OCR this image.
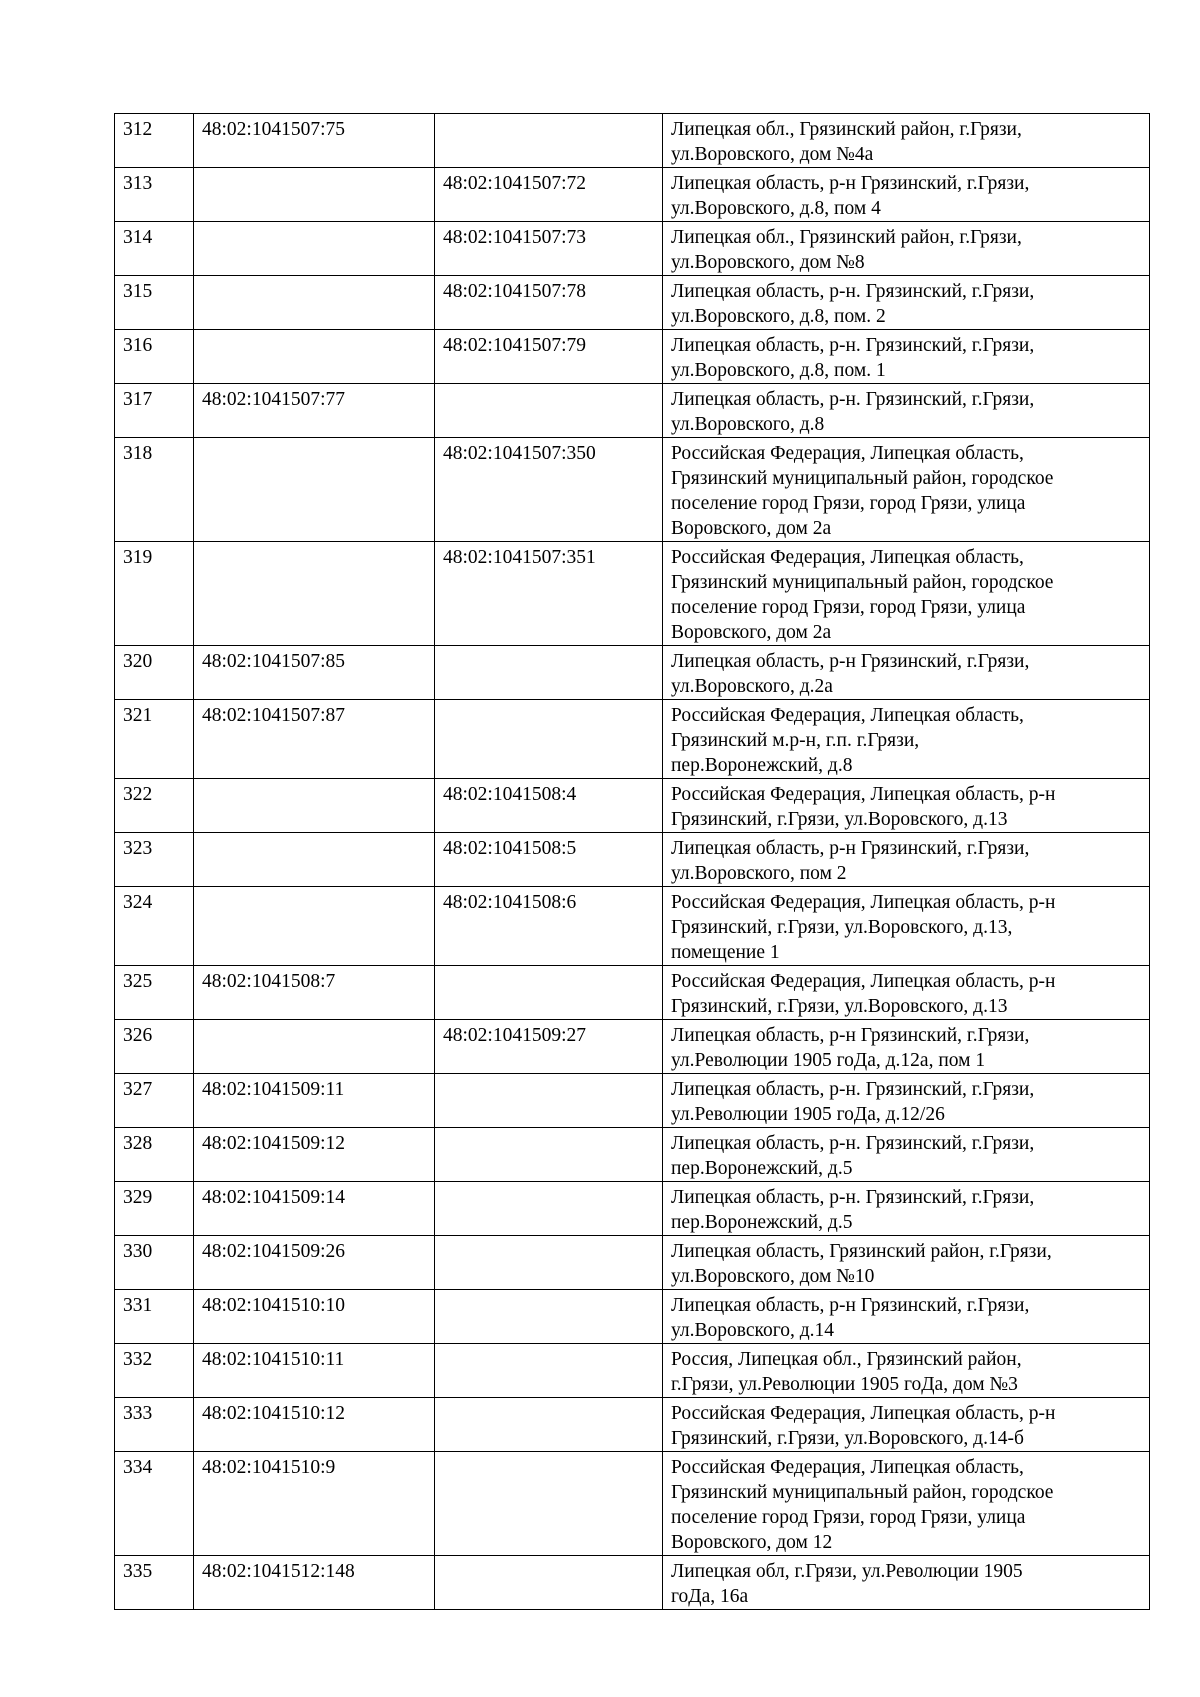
312	48:02:1041507:75		Липецкая обл., Грязинский район, г.Грязи,
ул.Воровского, дом №4а
313		48:02:1041507:72	Липецкая область, р-н Грязинский, г.Грязи,
ул.Воровского, д.8, пом 4
314		48:02:1041507:73	Липецкая обл., Грязинский район, г.Грязи,
ул.Воровского, дом №8
315		48:02:1041507:78	Липецкая область, р-н. Грязинский, г.Грязи,
ул.Воровского, д.8, пом. 2
316		48:02:1041507:79	Липецкая область, р-н. Грязинский, г.Грязи,
ул.Воровского, д.8, пом. 1
317	48:02:1041507:77		Липецкая область, р-н. Грязинский, г.Грязи,
ул.Воровского, д.8
318		48:02:1041507:350	Российская Федерация, Липецкая область,
Грязинский муниципальный район, городское
поселение город Грязи, город Грязи, улица
Воровского, дом 2а
319		48:02:1041507:351	Российская Федерация, Липецкая область,
Грязинский муниципальный район, городское
поселение город Грязи, город Грязи, улица
Воровского, дом 2а
320	48:02:1041507:85		Липецкая область, р-н Грязинский, г.Грязи,
ул.Воровского, д.2а
321	48:02:1041507:87		Российская Федерация, Липецкая область,
Грязинский м.р-н, г.п. г.Грязи,
пер.Воронежский, д.8
322		48:02:1041508:4	Российская Федерация, Липецкая область, р-н
Грязинский, г.Грязи, ул.Воровского, д.13
323		48:02:1041508:5	Липецкая область, р-н Грязинский, г.Грязи,
ул.Воровского, пом 2
324		48:02:1041508:6	Российская Федерация, Липецкая область, р-н
Грязинский, г.Грязи, ул.Воровского, д.13,
помещение 1
325	48:02:1041508:7		Российская Федерация, Липецкая область, р-н
Грязинский, г.Грязи, ул.Воровского, д.13
326		48:02:1041509:27	Липецкая область, р-н Грязинский, г.Грязи,
ул.Революции 1905 гоДа, д.12а, пом 1
327	48:02:1041509:11		Липецкая область, р-н. Грязинский, г.Грязи,
ул.Революции 1905 гоДа, д.12/26
328	48:02:1041509:12		Липецкая область, р-н. Грязинский, г.Грязи,
пер.Воронежский, д.5
329	48:02:1041509:14		Липецкая область, р-н. Грязинский, г.Грязи,
пер.Воронежский, д.5
330	48:02:1041509:26		Липецкая область, Грязинский район, г.Грязи,
ул.Воровского, дом №10
331	48:02:1041510:10		Липецкая область, р-н Грязинский, г.Грязи,
ул.Воровского, д.14
332	48:02:1041510:11		Россия, Липецкая обл., Грязинский район,
г.Грязи, ул.Революции 1905 гоДа, дом №3
333	48:02:1041510:12		Российская Федерация, Липецкая область, р-н
Грязинский, г.Грязи, ул.Воровского, д.14-б
334	48:02:1041510:9		Российская Федерация, Липецкая область,
Грязинский муниципальный район, городское
поселение город Грязи, город Грязи, улица
Воровского, дом 12
335	48:02:1041512:148		Липецкая обл, г.Грязи, ул.Революции 1905
гоДа, 16а
